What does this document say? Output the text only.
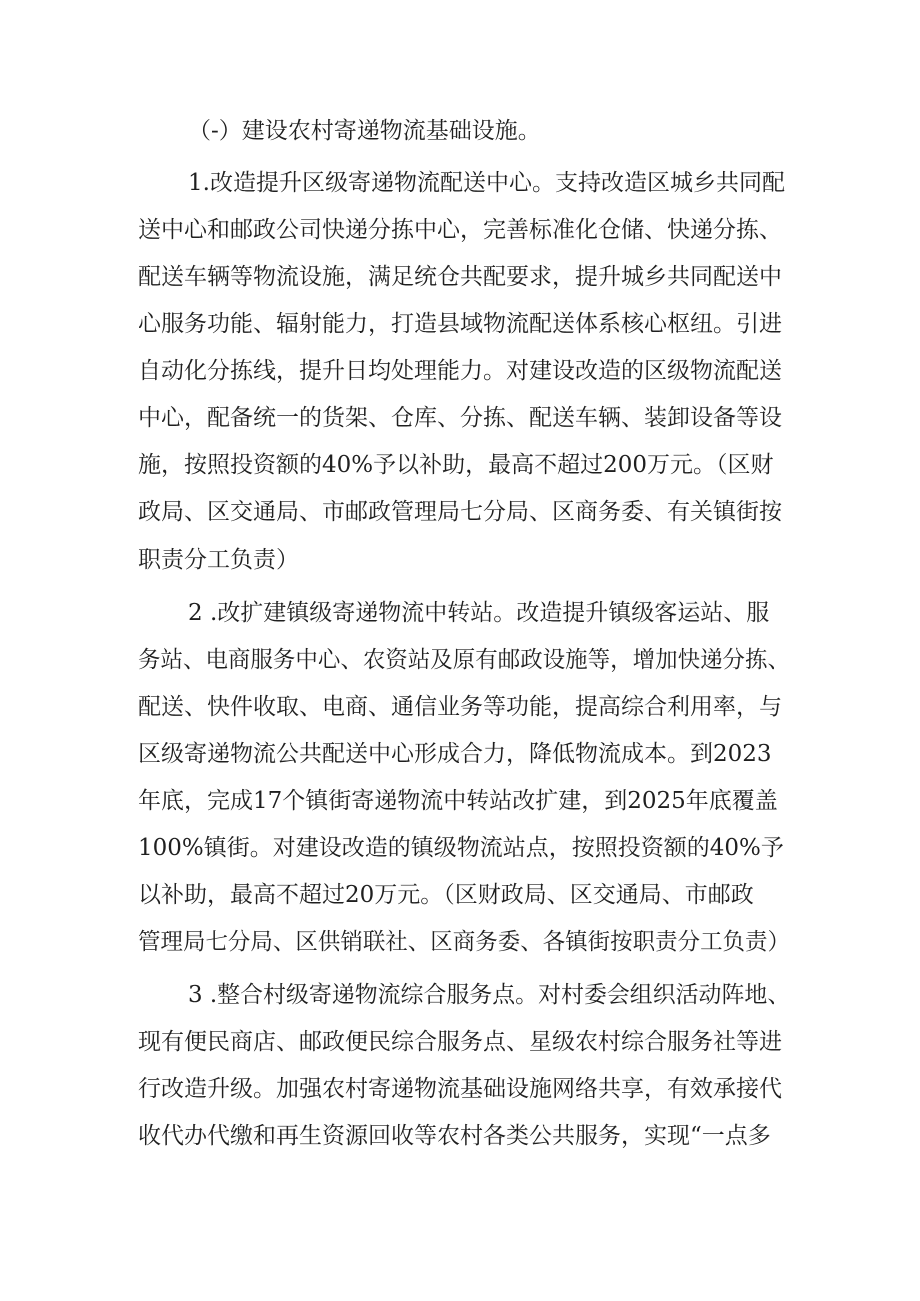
（-）建设农村寄递物流基础设施。
1.改造提升区级寄递物流配送中心。支持改造区城乡共同配
送中心和邮政公司快递分拣中心，完善标准化仓储、快递分拣、
配送车辆等物流设施，满足统仓共配要求，提升城乡共同配送中
心服务功能、辐射能力，打造县域物流配送体系核心枢纽。引进
自动化分拣线，提升日均处理能力。对建设改造的区级物流配送
中心，配备统一的货架、仓库、分拣、配送车辆、装卸设备等设
施，按照投资额的40%予以补助，最高不超过200万元。（区财
政局、区交通局、市邮政管理局七分局、区商务委、有关镇街按
职责分工负责）
2 .改扩建镇级寄递物流中转站。改造提升镇级客运站、服
务站、电商服务中心、农资站及原有邮政设施等，增加快递分拣、
配送、快件收取、电商、通信业务等功能，提高综合利用率，与
区级寄递物流公共配送中心形成合力，降低物流成本。到2023
年底，完成17个镇街寄递物流中转站改扩建，到2025年底覆盖
100%镇街。对建设改造的镇级物流站点，按照投资额的40%予
以补助，最高不超过20万元。（区财政局、区交通局、市邮政
管理局七分局、区供销联社、区商务委、各镇街按职责分工负责）
3 .整合村级寄递物流综合服务点。对村委会组织活动阵地、
现有便民商店、邮政便民综合服务点、星级农村综合服务社等进
行改造升级。加强农村寄递物流基础设施网络共享，有效承接代
收代办代缴和再生资源回收等农村各类公共服务，实现“一点多
